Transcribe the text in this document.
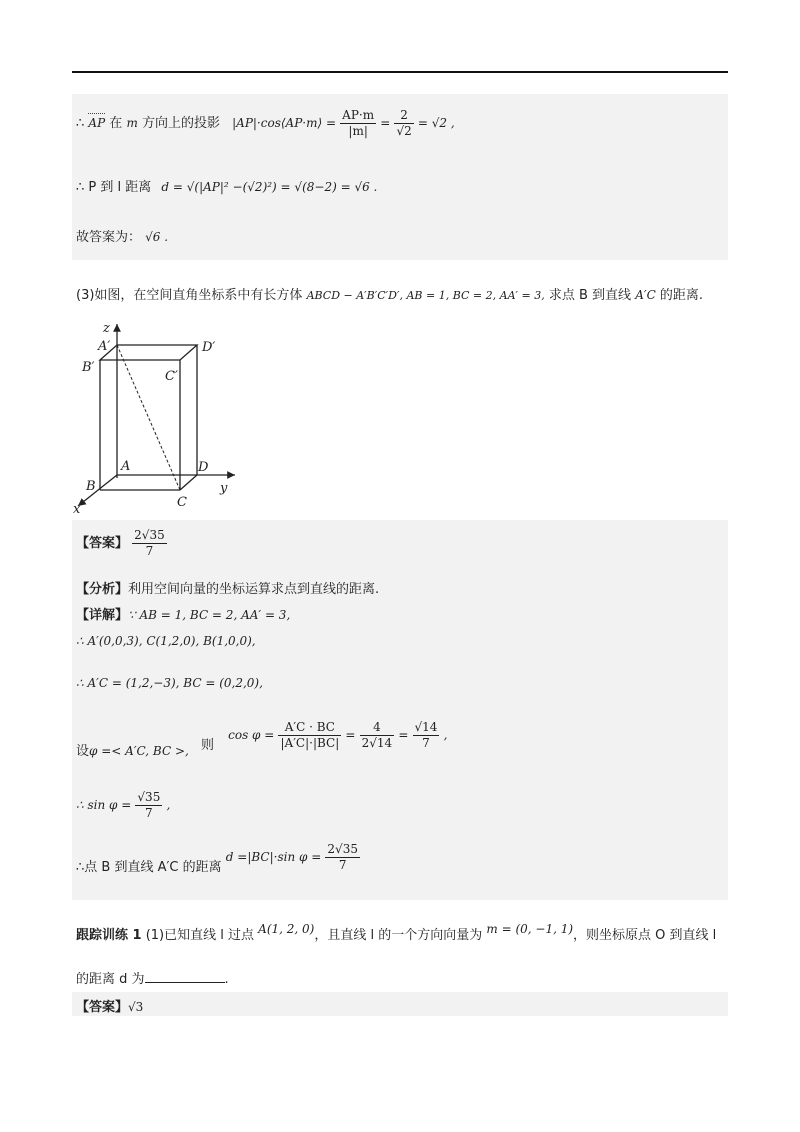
∴ AP 在 m 方向上的投影 |AP|·cos⟨AP·m⟩ = $\frac{AP\cdot m}{|m|} = \frac{2}{√2} = √2$ ,
∴ P 到 l 距离 d = √(|AP|² −(√2)²) = √(8−2) = √6 .
故答案为： √6 .
(3)如图，在空间直角坐标系中有长方体 ABCD − A′B′C′D′, AB = 1, BC = 2, AA′ = 3, 求点 B 到直线 A′C 的距离.
z
A′	D′
B′
C′
A	D
B
C
y
x
【答案】 $\frac{2√35}{7}$
【分析】利用空间向量的坐标运算求点到直线的距离.
【详解】∵ AB = 1, BC = 2, AA′ = 3,
∴ A′(0,0,3), C(1,2,0), B(1,0,0),
∴ A′C = (1,2,−3), BC = (0,2,0),
设φ =< A′C, BC >, 则 $\cos \varphi = \frac{A'C \cdot BC}{|A'C|\cdot|BC|} = \frac{4}{2√14} = \frac{√14}{7}$ ,
∴ $\sin \varphi = \frac{√35}{7}$ ,
∴点 B 到直线 A′C 的距离 d =|BC|·sin $\varphi = \frac{2√35}{7}$
跟踪训练 1 (1)已知直线 l 过点 A(1, 2, 0)，且直线 l 的一个方向向量为 m = (0, −1, 1)，则坐标原点 O 到直线 l
的距离 d 为	.
【答案】√3
